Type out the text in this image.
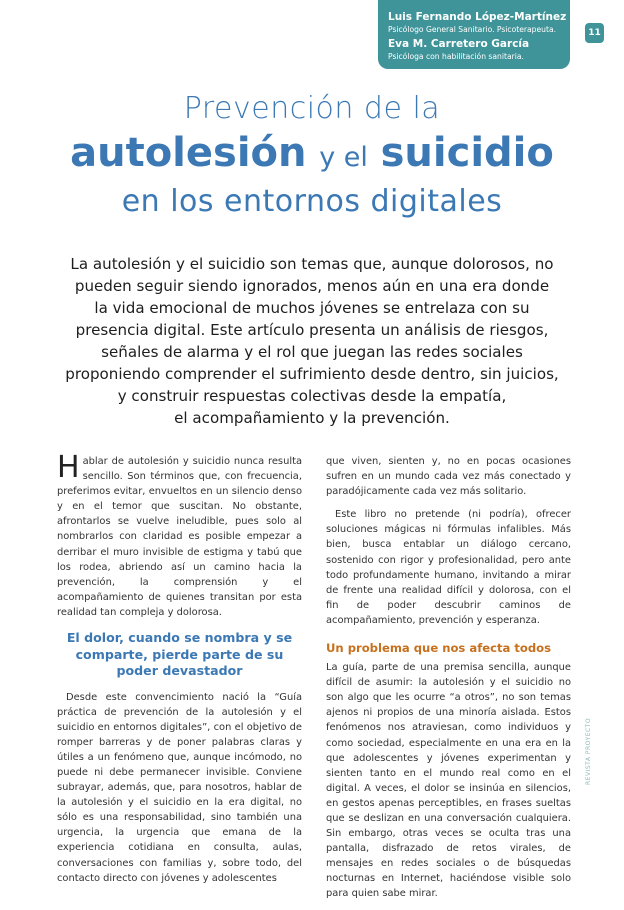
Luis Fernando López-Martínez
Psicólogo General Sanitario. Psicoterapeuta.
Eva M. Carretero García
Psicóloga con habilitación sanitaria.
11
Prevención de la
autolesión y el suicidio
en los entornos digitales
La autolesión y el suicidio son temas que, aunque dolorosos, no
pueden seguir siendo ignorados, menos aún en una era donde
la vida emocional de muchos jóvenes se entrelaza con su
presencia digital. Este artículo presenta un análisis de riesgos,
señales de alarma y el rol que juegan las redes sociales
proponiendo comprender el sufrimiento desde dentro, sin juicios,
y construir respuestas colectivas desde la empatía,
el acompañamiento y la prevención.

Hablar de autolesión y suicidio nunca resulta sencillo. Son términos que, con frecuencia, preferimos evitar, envueltos en un silencio denso y en el temor que suscitan. No obstante, afrontarlos se vuelve ineludible, pues solo al nombrarlos con claridad es posible empezar a derribar el muro invisible de estigma y tabú que los rodea, abriendo así un camino hacia la prevención, la comprensión y el acompañamiento de quienes transitan por esta realidad tan compleja y dolorosa.

El dolor, cuando se nombra y se comparte, pierde parte de su poder devastador

Desde este convencimiento nació la “Guía práctica de prevención de la autolesión y el suicidio en entornos digitales”, con el objetivo de romper barreras y de poner palabras claras y útiles a un fenómeno que, aunque incómodo, no puede ni debe permanecer invisible. Conviene subrayar, además, que, para nosotros, hablar de la autolesión y el suicidio en la era digital, no sólo es una responsabilidad, sino también una urgencia, la urgencia que emana de la experiencia cotidiana en consulta, aulas, conversaciones con familias y, sobre todo, del contacto directo con jóvenes y adolescentes

que viven, sienten y, no en pocas ocasiones sufren en un mundo cada vez más conectado y paradójicamente cada vez más solitario.

Este libro no pretende (ni podría), ofrecer soluciones mágicas ni fórmulas infalibles. Más bien, busca entablar un diálogo cercano, sostenido con rigor y profesionalidad, pero ante todo profundamente humano, invitando a mirar de frente una realidad difícil y dolorosa, con el fin de poder descubrir caminos de acompañamiento, prevención y esperanza.

Un problema que nos afecta todos

La guía, parte de una premisa sencilla, aunque difícil de asumir: la autolesión y el suicidio no son algo que les ocurre “a otros”, no son temas ajenos ni propios de una minoría aislada. Estos fenómenos nos atraviesan, como individuos y como sociedad, especialmente en una era en la que adolescentes y jóvenes experimentan y sienten tanto en el mundo real como en el digital. A veces, el dolor se insinúa en silencios, en gestos apenas perceptibles, en frases sueltas que se deslizan en una conversación cualquiera. Sin embargo, otras veces se oculta tras una pantalla, disfrazado de retos virales, de mensajes en redes sociales o de búsquedas nocturnas en Internet, haciéndose visible solo para quien sabe mirar.

REVISTA PROYECTO
